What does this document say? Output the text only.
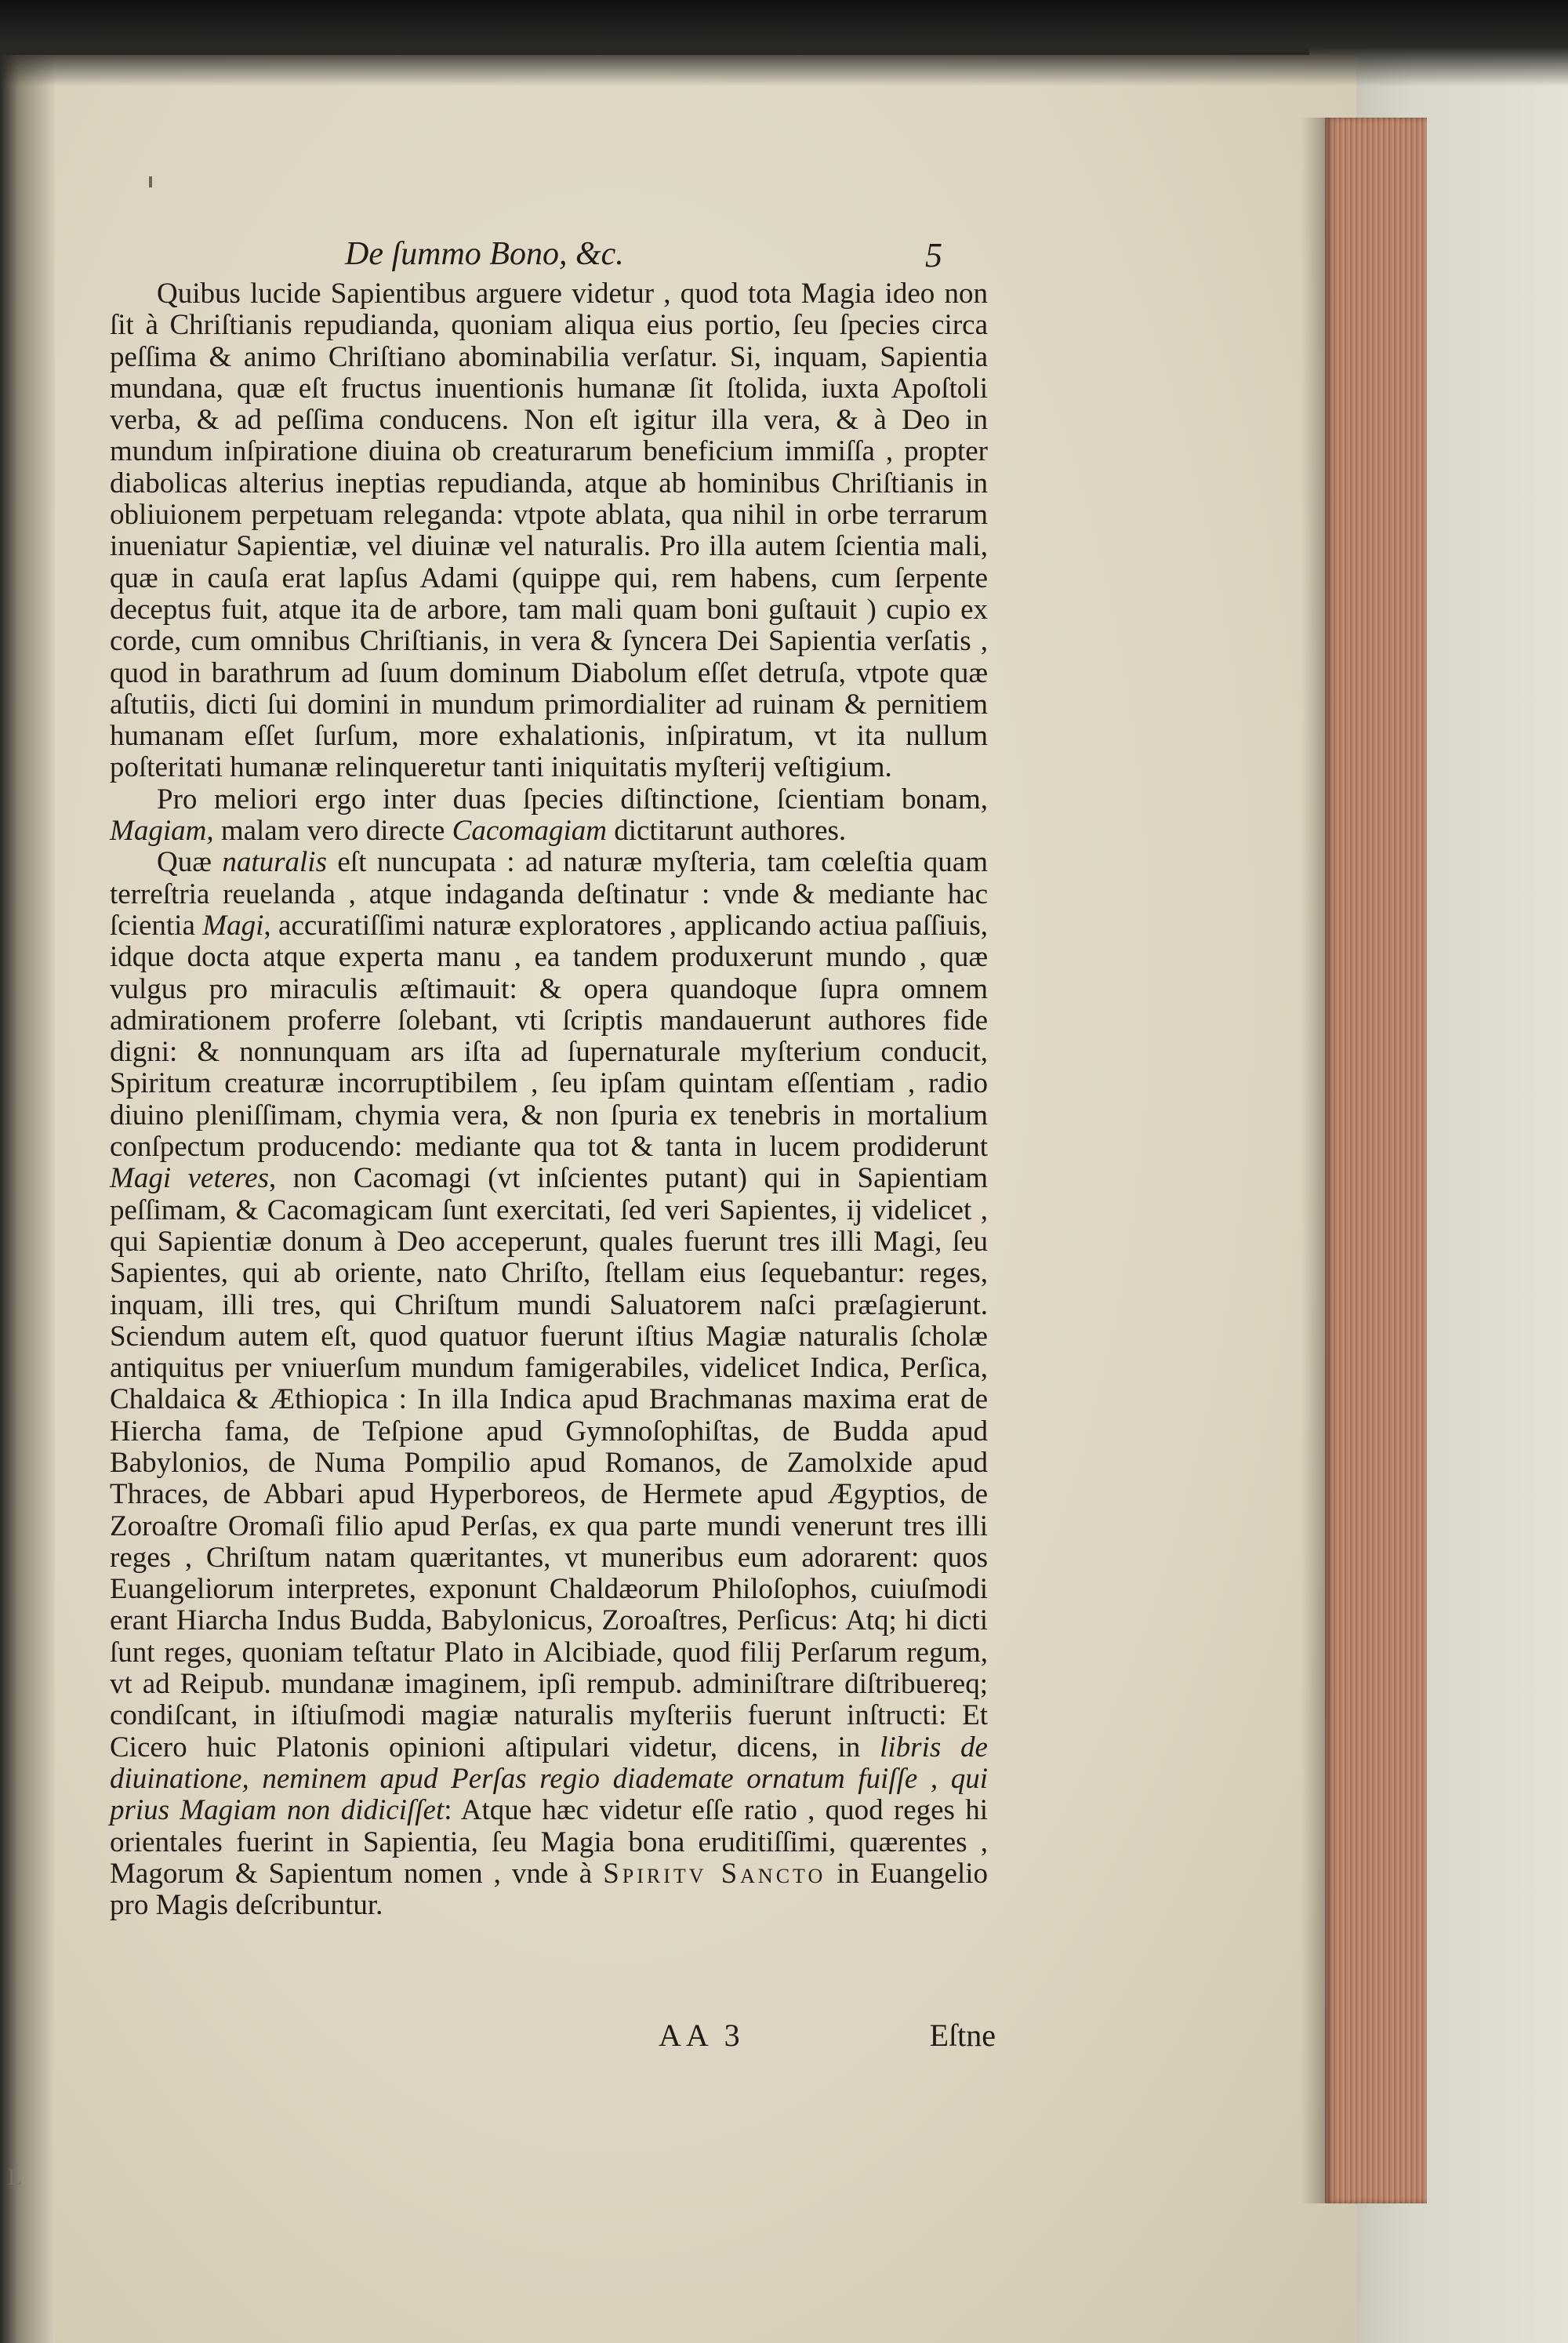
De ſummo Bono, &c.	5

Quibus lucide Sapientibus arguere videtur , quod tota Magia ideo non ſit à Chriſtianis repudianda, quoniam aliqua eius portio, ſeu ſpecies circa peſſima & animo Chriſtiano abominabilia verſatur. Si, inquam, Sapientia mundana, quæ eſt fructus inuentionis humanæ ſit ſtolida, iuxta Apoſtoli verba, & ad peſſima conducens. Non eſt igitur illa vera, & à Deo in mundum inſpiratione diuina ob creaturarum beneficium immiſſa , propter diabolicas alterius ineptias repudianda, atque ab hominibus Chriſtianis in obliuionem perpetuam releganda: vtpote ablata, qua nihil in orbe terrarum inueniatur Sapientiæ, vel diuinæ vel naturalis. Pro illa autem ſcientia mali, quæ in cauſa erat lapſus Adami (quippe qui, rem habens, cum ſerpente deceptus fuit, atque ita de arbore, tam mali quam boni guſtauit ) cupio ex corde, cum omnibus Chriſtianis, in vera & ſyncera Dei Sapientia verſatis , quod in barathrum ad ſuum dominum Diabolum eſſet detruſa, vtpote quæ aſtutiis, dicti ſui domini in mundum primordialiter ad ruinam & pernitiem humanam eſſet ſurſum, more exhalationis, inſpiratum, vt ita nullum poſteritati humanæ relinqueretur tanti iniquitatis myſterij veſtigium.

Pro meliori ergo inter duas ſpecies diſtinctione, ſcientiam bonam, Magiam, malam vero directe Cacomagiam dictitarunt authores.

Quæ naturalis eſt nuncupata : ad naturæ myſteria, tam cœleſtia quam terreſtria reuelanda , atque indaganda deſtinatur : vnde & mediante hac ſcientia Magi, accuratiſſimi naturæ exploratores , applicando actiua paſſiuis, idque docta atque experta manu , ea tandem produxerunt mundo , quæ vulgus pro miraculis æſtimauit: & opera quandoque ſupra omnem admirationem proferre ſolebant, vti ſcriptis mandauerunt authores fide digni: & nonnunquam ars iſta ad ſupernaturale myſterium conducit, Spiritum creaturæ incorruptibilem , ſeu ipſam quintam eſſentiam , radio diuino pleniſſimam, chymia vera, & non ſpuria ex tenebris in mortalium conſpectum producendo: mediante qua tot & tanta in lucem prodiderunt Magi veteres, non Cacomagi (vt inſcientes putant) qui in Sapientiam peſſimam, & Cacomagicam ſunt exercitati, ſed veri Sapientes, ij videlicet , qui Sapientiæ donum à Deo acceperunt, quales fuerunt tres illi Magi, ſeu Sapientes, qui ab oriente, nato Chriſto, ſtellam eius ſequebantur: reges, inquam, illi tres, qui Chriſtum mundi Saluatorem naſci præſagierunt. Sciendum autem eſt, quod quatuor fuerunt iſtius Magiæ naturalis ſcholæ antiquitus per vniuerſum mundum famigerabiles, videlicet Indica, Perſica, Chaldaica & Æthiopica : In illa Indica apud Brachmanas maxima erat de Hiercha fama, de Teſpione apud Gymnoſophiſtas, de Budda apud Babylonios, de Numa Pompilio apud Romanos, de Zamolxide apud Thraces, de Abbari apud Hyperboreos, de Hermete apud Ægyptios, de Zoroaſtre Oromaſi filio apud Perſas, ex qua parte mundi venerunt tres illi reges , Chriſtum natam quæritantes, vt muneribus eum adorarent: quos Euangeliorum interpretes, exponunt Chaldæorum Philoſophos, cuiuſmodi erant Hiarcha Indus Budda, Babylonicus, Zoroaſtres, Perſicus: Atq; hi dicti ſunt reges, quoniam teſtatur Plato in Alcibiade, quod filij Perſarum regum, vt ad Reipub. mundanæ imaginem, ipſi rempub. adminiſtrare diſtribuereq; condiſcant, in iſtiuſmodi magiæ naturalis myſteriis fuerunt inſtructi: Et Cicero huic Platonis opinioni aſtipulari videtur, dicens, in libris de diuinatione, neminem apud Perſas regio diademate ornatum fuiſſe , qui prius Magiam non didiciſſet: Atque hæc videtur eſſe ratio , quod reges hi orientales fuerint in Sapientia, ſeu Magia bona eruditiſſimi, quærentes , Magorum & Sapientum nomen , vnde à Spiritv Sancto in Euangelio pro Magis deſcribuntur.

AA 3	Eſtne
L
